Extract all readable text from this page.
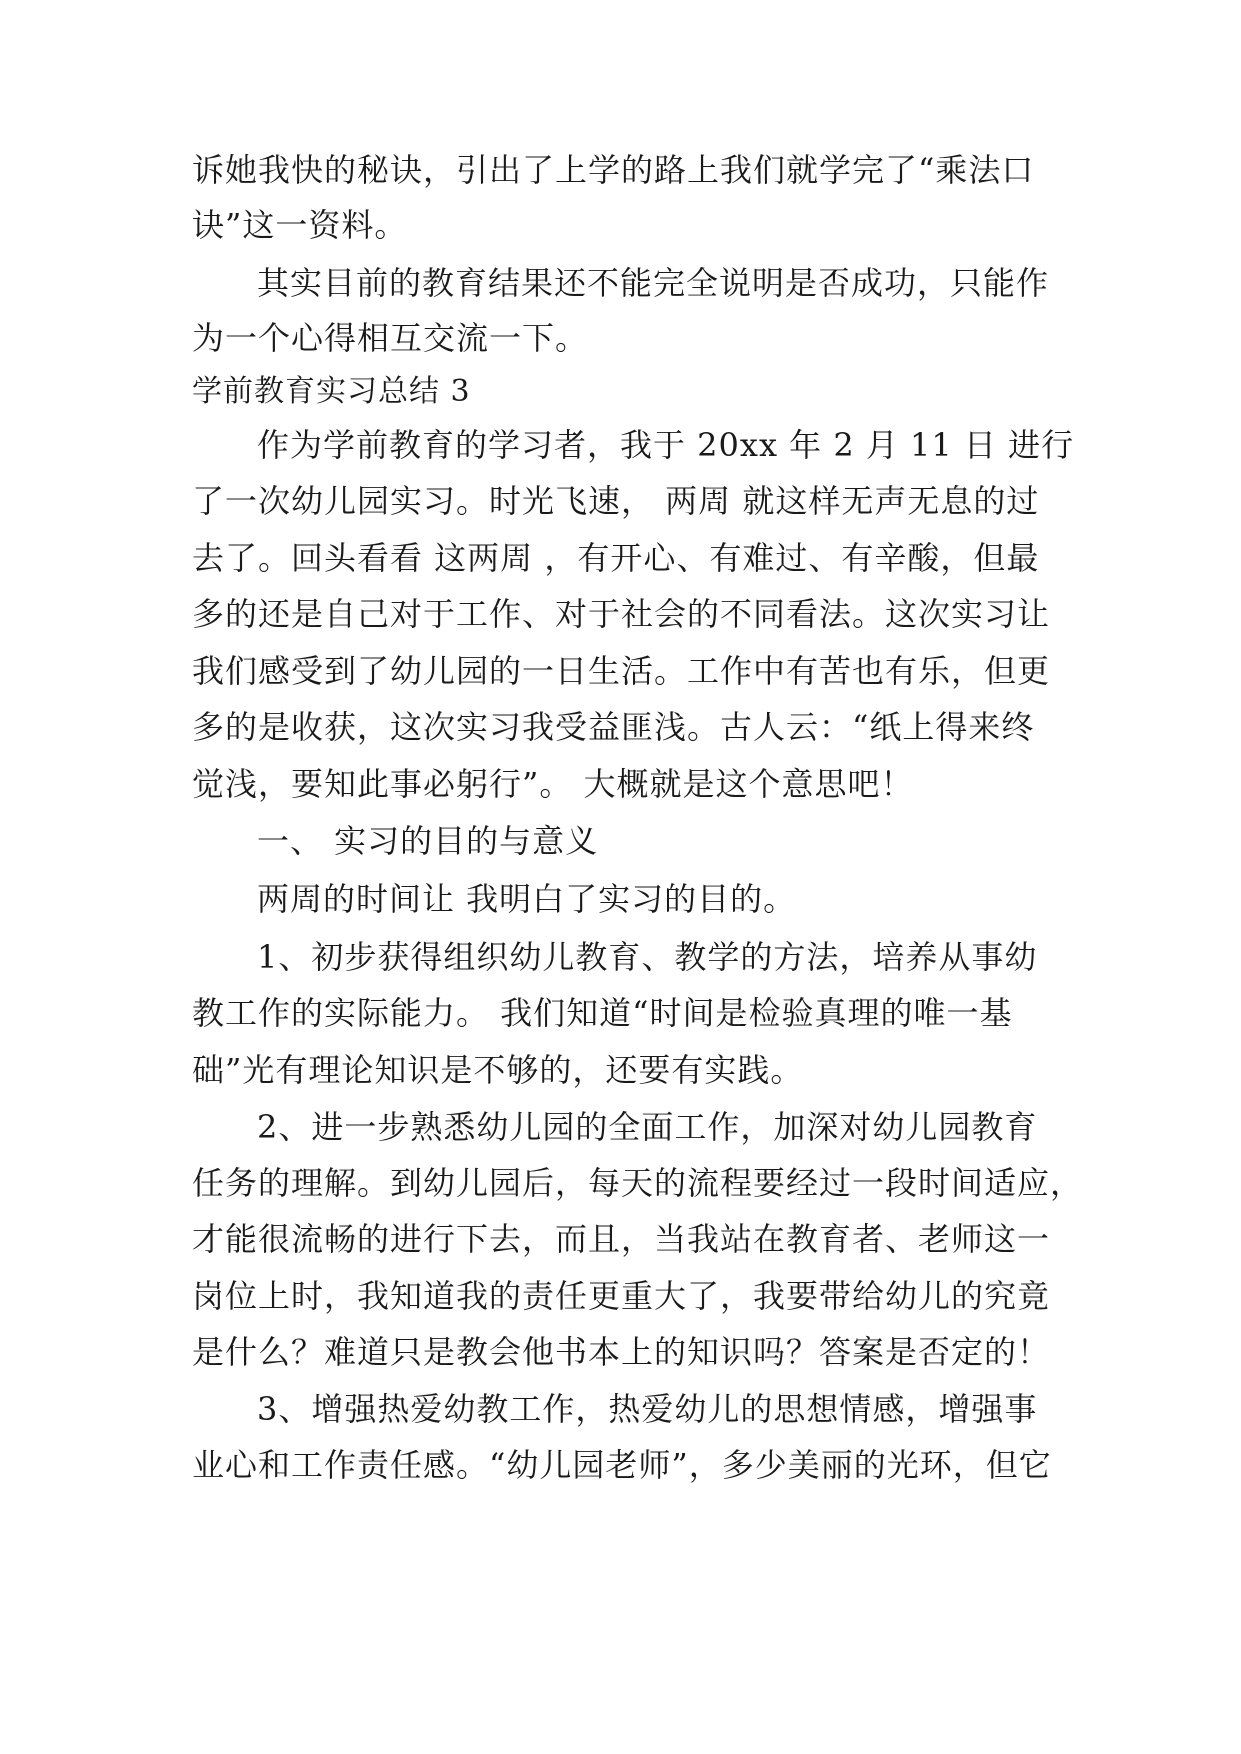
诉她我快的秘诀，引出了上学的路上我们就学完了“乘法口
诀”这一资料。
其实目前的教育结果还不能完全说明是否成功，只能作
为一个心得相互交流一下。
学前教育实习总结 3
作为学前教育的学习者，我于 20xx 年 2 月 11 日 进行
了一次幼儿园实习。时光飞速， 两周 就这样无声无息的过
去了。回头看看 这两周 ，有开心、有难过、有辛酸，但最
多的还是自己对于工作、对于社会的不同看法。这次实习让
我们感受到了幼儿园的一日生活。工作中有苦也有乐，但更
多的是收获，这次实习我受益匪浅。古人云：“纸上得来终
觉浅，要知此事必躬行”。 大概就是这个意思吧！
一、 实习的目的与意义
两周的时间让 我明白了实习的目的。
1、初步获得组织幼儿教育、教学的方法，培养从事幼
教工作的实际能力。 我们知道“时间是检验真理的唯一基
础”光有理论知识是不够的，还要有实践。
2、进一步熟悉幼儿园的全面工作，加深对幼儿园教育
任务的理解。到幼儿园后，每天的流程要经过一段时间适应，
才能很流畅的进行下去，而且，当我站在教育者、老师这一
岗位上时，我知道我的责任更重大了，我要带给幼儿的究竟
是什么？难道只是教会他书本上的知识吗？答案是否定的！
3、增强热爱幼教工作，热爱幼儿的思想情感，增强事
业心和工作责任感。“幼儿园老师”，多少美丽的光环，但它
